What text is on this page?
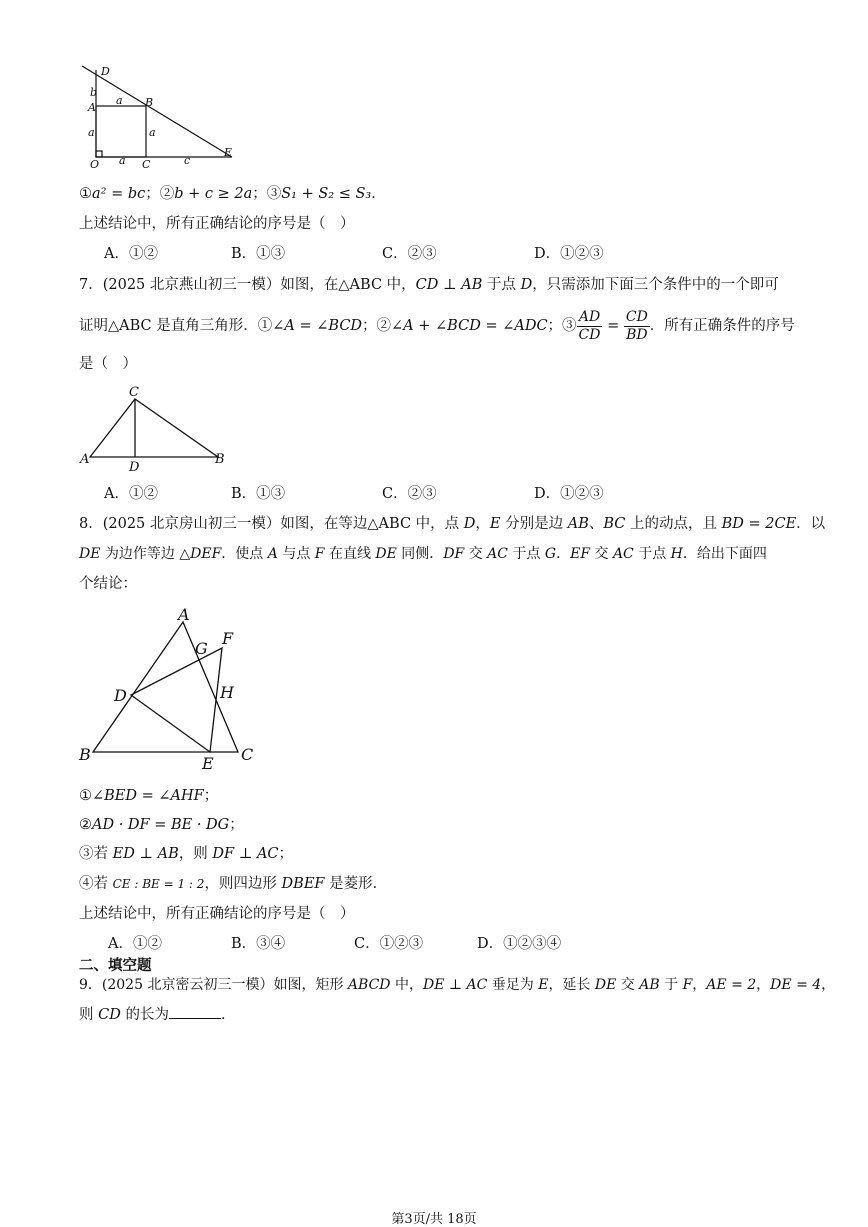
D
b
A
a B
a	a
O a C	c
E
①a² = bc；②b + c ≥ 2a；③S₁ + S₂ ≤ S₃．
上述结论中，所有正确结论的序号是（　）
A．①②	B．①③	C．②③	D．①②③
7．(2025 北京燕山初三一模）如图，在△ABC 中，CD ⊥ AB 于点 D，只需添加下面三个条件中的一个即可
证明△ABC 是直角三角形．①∠A = ∠BCD；②∠A + ∠BCD = ∠ADC；③ $\frac{AD}{CD} = \frac{CD}{BD}$ ．所有正确条件的序号
是（　）
C
A
D
B
A．①②	B．①③	C．②③	D．①②③
8．(2025 北京房山初三一模）如图，在等边△ABC 中，点 D，E 分别是边 AB、BC 上的动点，且 BD = 2CE．以
DE 为边作等边 △DEF．使点 A 与点 F 在直线 DE 同侧．DF 交 AC 于点 G．EF 交 AC 于点 H．给出下面四
个结论：
A
G
F
D	H
B	E C
①∠BED = ∠AHF；
②AD · DF = BE · DG；
③若 ED ⊥ AB，则 DF ⊥ AC；
④若 CE : BE = 1 : 2，则四边形 DBEF 是菱形．
上述结论中，所有正确结论的序号是（　）
A．①②	B．③④	C．①②③	D．①②③④
二、填空题
9．(2025 北京密云初三一模）如图，矩形 ABCD 中，DE ⊥ AC 垂足为 E，延长 DE 交 AB 于 F，AE = 2，DE = 4，
则 CD 的长为	．
第3页/共 18页
